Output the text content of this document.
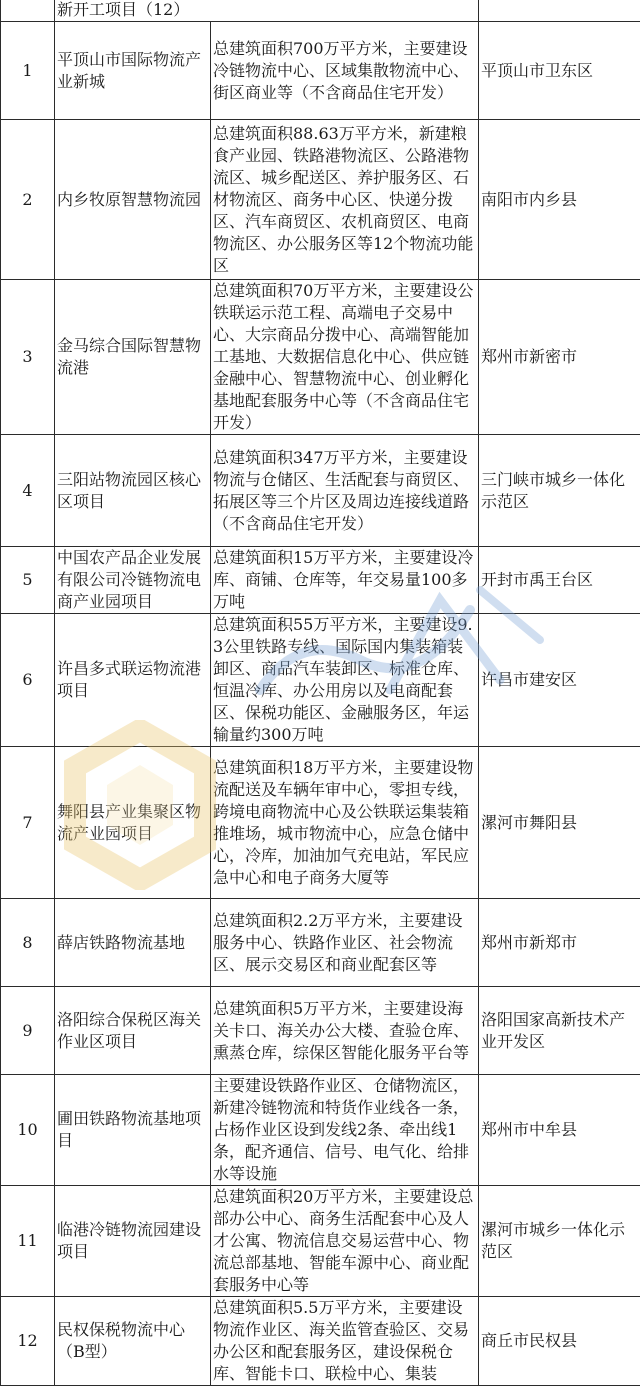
	新开工项目（12）		
1	平顶山市国际物流产业新城	总建筑面积700万平方米，主要建设冷链物流中心、区域集散物流中心、街区商业等（不含商品住宅开发）	平顶山市卫东区
2	内乡牧原智慧物流园	总建筑面积88.63万平方米，新建粮食产业园、铁路港物流区、公路港物流区、城乡配送区、养护服务区、石材物流区、商务中心区、快递分拨区、汽车商贸区、农机商贸区、电商物流区、办公服务区等12个物流功能区	南阳市内乡县
3	金马综合国际智慧物流港	总建筑面积70万平方米，主要建设公铁联运示范工程、高端电子交易中心、大宗商品分拨中心、高端智能加工基地、大数据信息化中心、供应链金融中心、智慧物流中心、创业孵化基地配套服务中心等（不含商品住宅开发）	郑州市新密市
4	三阳站物流园区核心区项目	总建筑面积347万平方米，主要建设物流与仓储区、生活配套与商贸区、拓展区等三个片区及周边连接线道路（不含商品住宅开发）	三门峡市城乡一体化示范区
5	中国农产品企业发展有限公司冷链物流电商产业园项目	总建筑面积15万平方米，主要建设冷库、商铺、仓库等，年交易量100多万吨	开封市禹王台区
6	许昌多式联运物流港项目	总建筑面积55万平方米，主要建设9.3公里铁路专线、国际国内集装箱装卸区、商品汽车装卸区、标准仓库、恒温冷库、办公用房以及电商配套区、保税功能区、金融服务区，年运输量约300万吨	许昌市建安区
7	舞阳县产业集聚区物流产业园项目	总建筑面积18万平方米，主要建设物流配送及车辆年审中心，零担专线，跨境电商物流中心及公铁联运集装箱推堆场，城市物流中心，应急仓储中心，冷库，加油加气充电站，军民应急中心和电子商务大厦等	漯河市舞阳县
8	薛店铁路物流基地	总建筑面积2.2万平方米，主要建设服务中心、铁路作业区、社会物流区、展示交易区和商业配套区等	郑州市新郑市
9	洛阳综合保税区海关作业区项目	总建筑面积5万平方米，主要建设海关卡口、海关办公大楼、查验仓库、熏蒸仓库，综保区智能化服务平台等	洛阳国家高新技术产业开发区
10	圃田铁路物流基地项目	主要建设铁路作业区、仓储物流区，新建冷链物流和特货作业线各一条，占杨作业区设到发线2条、牵出线1条，配齐通信、信号、电气化、给排水等设施	郑州市中牟县
11	临港冷链物流园建设项目	总建筑面积20万平方米，主要建设总部办公中心、商务生活配套中心及人才公寓、物流信息交易运营中心、物流总部基地、智能车源中心、商业配套服务中心等	漯河市城乡一体化示范区
12	民权保税物流中心（B型）	总建筑面积5.5万平方米，主要建设物流作业区、海关监管查验区、交易办公区和配套服务区，建设保税仓库、智能卡口、联检中心、集装	商丘市民权县
